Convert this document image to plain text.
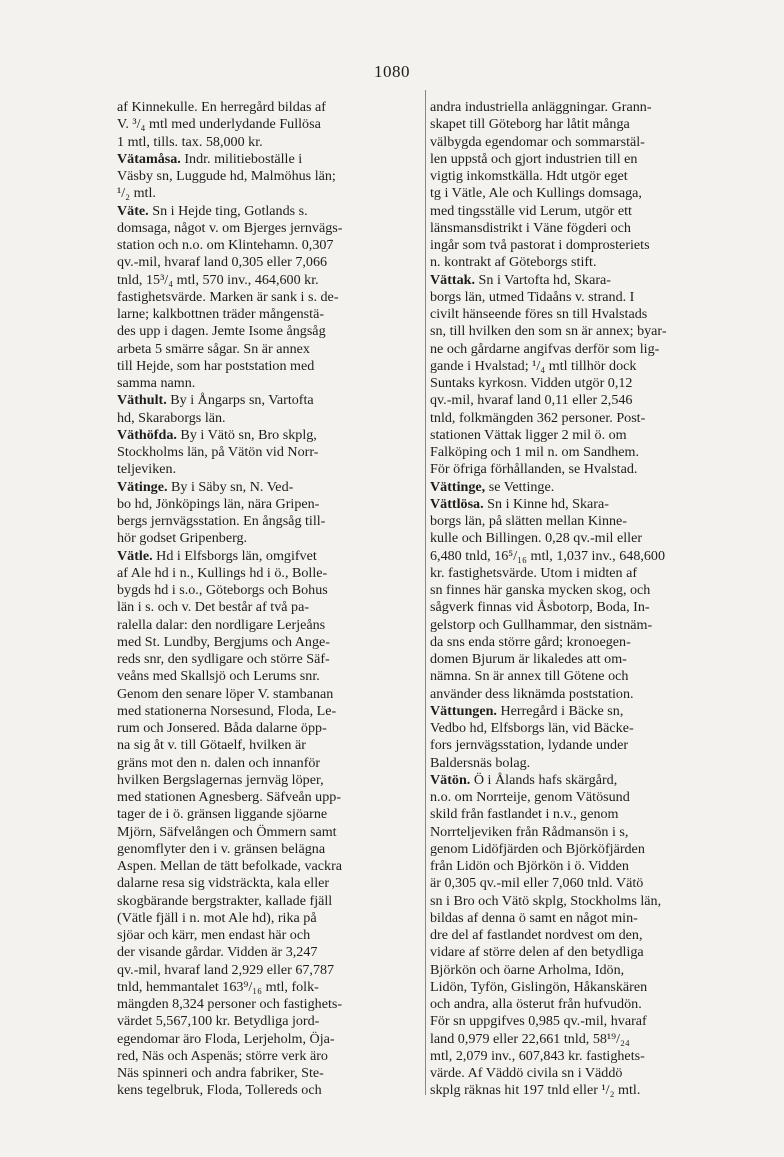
1080
af Kinnekulle. En herregård bildas af
V. ³/₄ mtl med underlydande Fullösa
1 mtl, tills. tax. 58,000 kr.
Vätamåsa. Indr. militieboställe i
Väsby sn, Luggude hd, Malmöhus län;
¹/₂ mtl.
Väte. Sn i Hejde ting, Gotlands s.
domsaga, något v. om Bjerges jernvägs-
station och n.o. om Klintehamn. 0,307
qv.-mil, hvaraf land 0,305 eller 7,066
tnld, 15³/₄ mtl, 570 inv., 464,600 kr.
fastighetsvärde. Marken är sank i s. de-
larne; kalkbottnen träder mångenstä-
des upp i dagen. Jemte Isome ångsåg
arbeta 5 smärre sågar. Sn är annex
till Hejde, som har poststation med
samma namn.
Väthult. By i Ångarps sn, Vartofta
hd, Skaraborgs län.
Väthöfda. By i Vätö sn, Bro skplg,
Stockholms län, på Vätön vid Norr-
teljeviken.
Vätinge. By i Säby sn, N. Ved-
bo hd, Jönköpings län, nära Gripen-
bergs jernvägsstation. En ångsåg till-
hör godset Gripenberg.
Vätle. Hd i Elfsborgs län, omgifvet
af Ale hd i n., Kullings hd i ö., Bolle-
bygds hd i s.o., Göteborgs och Bohus
län i s. och v. Det består af två pa-
ralella dalar: den nordligare Lerjeåns
med St. Lundby, Bergjums och Ange-
reds snr, den sydligare och större Säf-
veåns med Skallsjö och Lerums snr.
Genom den senare löper V. stambanan
med stationerna Norsesund, Floda, Le-
rum och Jonsered. Båda dalarne öpp-
na sig åt v. till Götaelf, hvilken är
gräns mot den n. dalen och innanför
hvilken Bergslagernas jernväg löper,
med stationen Agnesberg. Säfveån upp-
tager de i ö. gränsen liggande sjöarne
Mjörn, Säfvelången och Ömmern samt
genomflyter den i v. gränsen belägna
Aspen. Mellan de tätt befolkade, vackra
dalarne resa sig vidsträckta, kala eller
skogbärande bergstrakter, kallade fjäll
(Vätle fjäll i n. mot Ale hd), rika på
sjöar och kärr, men endast här och
der visande gårdar. Vidden är 3,247
qv.-mil, hvaraf land 2,929 eller 67,787
tnld, hemmantalet 163⁹/₁₆ mtl, folk-
mängden 8,324 personer och fastighets-
värdet 5,567,100 kr. Betydliga jord-
egendomar äro Floda, Lerjeholm, Öja-
red, Näs och Aspenäs; större verk äro
Näs spinneri och andra fabriker, Ste-
kens tegelbruk, Floda, Tollereds och
andra industriella anläggningar. Grann-
skapet till Göteborg har låtit många
välbygda egendomar och sommarstäl-
len uppstå och gjort industrien till en
vigtig inkomstkälla. Hdt utgör eget
tg i Vätle, Ale och Kullings domsaga,
med tingsställe vid Lerum, utgör ett
länsmansdistrikt i Väne fögderi och
ingår som två pastorat i domprosteriets
n. kontrakt af Göteborgs stift.
Vättak. Sn i Vartofta hd, Skara-
borgs län, utmed Tidaåns v. strand. I
civilt hänseende föres sn till Hvalstads
sn, till hvilken den som sn är annex; byar-
ne och gårdarne angifvas derför som lig-
gande i Hvalstad; ¹/₄ mtl tillhör dock
Suntaks kyrkosn. Vidden utgör 0,12
qv.-mil, hvaraf land 0,11 eller 2,546
tnld, folkmängden 362 personer. Post-
stationen Vättak ligger 2 mil ö. om
Falköping och 1 mil n. om Sandhem.
För öfriga förhållanden, se Hvalstad.
Vättinge, se Vettinge.
Vättlösa. Sn i Kinne hd, Skara-
borgs län, på slätten mellan Kinne-
kulle och Billingen. 0,28 qv.-mil eller
6,480 tnld, 16⁵/₁₆ mtl, 1,037 inv., 648,600
kr. fastighetsvärde. Utom i midten af
sn finnes här ganska mycken skog, och
sågverk finnas vid Åsbotorp, Boda, In-
gelstorp och Gullhammar, den sistnäm-
da sns enda större gård; kronoegen-
domen Bjurum är likaledes att om-
nämna. Sn är annex till Götene och
använder dess liknämda poststation.
Vättungen. Herregård i Bäcke sn,
Vedbo hd, Elfsborgs län, vid Bäcke-
fors jernvägsstation, lydande under
Baldersnäs bolag.
Vätön. Ö i Ålands hafs skärgård,
n.o. om Norrteije, genom Vätösund
skild från fastlandet i n.v., genom
Norrteljeviken från Rådmansön i s,
genom Lidöfjärden och Björköfjärden
från Lidön och Björkön i ö. Vidden
är 0,305 qv.-mil eller 7,060 tnld. Vätö
sn i Bro och Vätö skplg, Stockholms län,
bildas af denna ö samt en något min-
dre del af fastlandet nordvest om den,
vidare af större delen af den betydliga
Björkön och öarne Arholma, Idön,
Lidön, Tyfön, Gislingön, Håkanskären
och andra, alla österut från hufvudön.
För sn uppgifves 0,985 qv.-mil, hvaraf
land 0,979 eller 22,661 tnld, 58¹⁹/₂₄
mtl, 2,079 inv., 607,843 kr. fastighets-
värde. Af Väddö civila sn i Väddö
skplg räknas hit 197 tnld eller ¹/₂ mtl.
